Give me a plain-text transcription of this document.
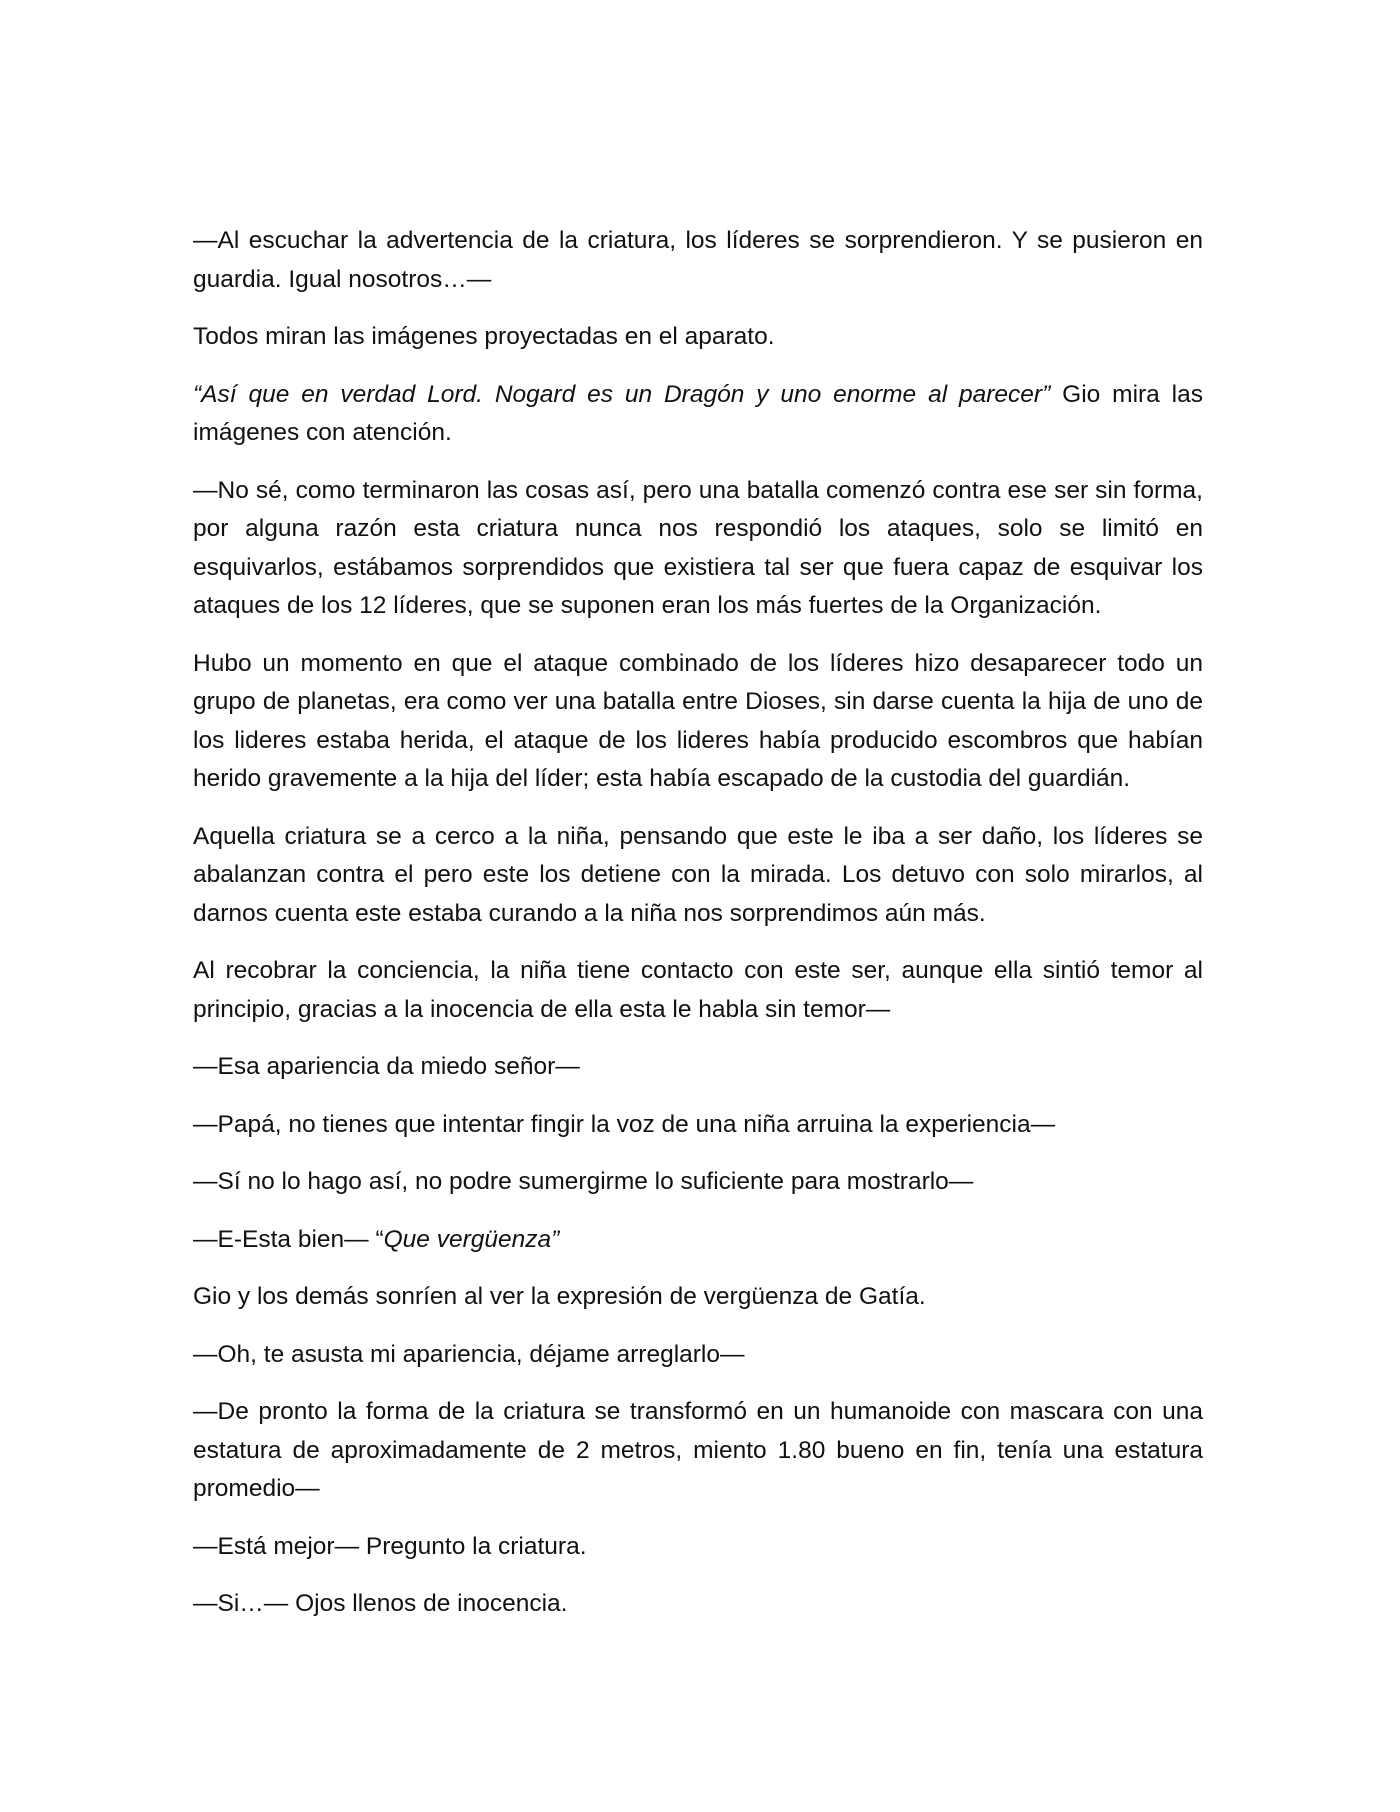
—Al escuchar la advertencia de la criatura, los líderes se sorprendieron. Y se pusieron en guardia. Igual nosotros…—

Todos miran las imágenes proyectadas en el aparato.

“Así que en verdad Lord. Nogard es un Dragón y uno enorme al parecer” Gio mira las imágenes con atención.

—No sé, como terminaron las cosas así, pero una batalla comenzó contra ese ser sin forma, por alguna razón esta criatura nunca nos respondió los ataques, solo se limitó en esquivarlos, estábamos sorprendidos que existiera tal ser que fuera capaz de esquivar los ataques de los 12 líderes, que se suponen eran los más fuertes de la Organización.

Hubo un momento en que el ataque combinado de los líderes hizo desaparecer todo un grupo de planetas, era como ver una batalla entre Dioses, sin darse cuenta la hija de uno de los lideres estaba herida, el ataque de los lideres había producido escombros que habían herido gravemente a la hija del líder; esta había escapado de la custodia del guardián.

Aquella criatura se a cerco a la niña, pensando que este le iba a ser daño, los líderes se abalanzan contra el pero este los detiene con la mirada. Los detuvo con solo mirarlos, al darnos cuenta este estaba curando a la niña nos sorprendimos aún más.

Al recobrar la conciencia, la niña tiene contacto con este ser, aunque ella sintió temor al principio, gracias a la inocencia de ella esta le habla sin temor—

—Esa apariencia da miedo señor—

—Papá, no tienes que intentar fingir la voz de una niña arruina la experiencia—

—Sí no lo hago así, no podre sumergirme lo suficiente para mostrarlo—

—E-Esta bien— “Que vergüenza”

Gio y los demás sonríen al ver la expresión de vergüenza de Gatía.

—Oh, te asusta mi apariencia, déjame arreglarlo—

—De pronto la forma de la criatura se transformó en un humanoide con mascara con una estatura de aproximadamente de 2 metros, miento 1.80 bueno en fin, tenía una estatura promedio—

—Está mejor— Pregunto la criatura.

—Si…— Ojos llenos de inocencia.
